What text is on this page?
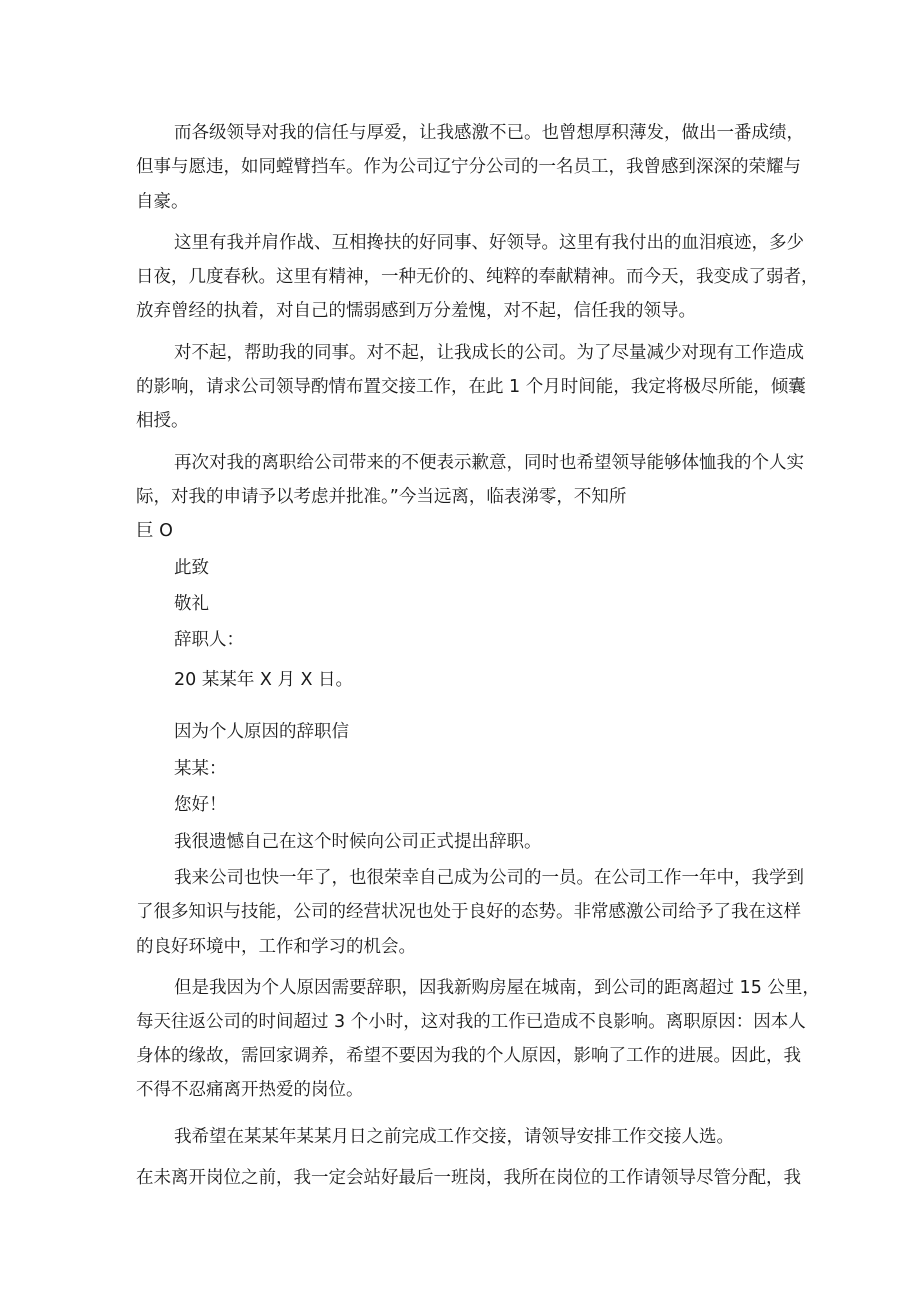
而各级领导对我的信任与厚爱，让我感激不已。也曾想厚积薄发，做出一番成绩，

但事与愿违，如同螳臂挡车。作为公司辽宁分公司的一名员工，我曾感到深深的荣耀与

自豪。

这里有我并肩作战、互相搀扶的好同事、好领导。这里有我付出的血泪痕迹，多少

日夜，几度春秋。这里有精神，一种无价的、纯粹的奉献精神。而今天，我变成了弱者，

放弃曾经的执着，对自己的懦弱感到万分羞愧，对不起，信任我的领导。

对不起，帮助我的同事。对不起，让我成长的公司。为了尽量减少对现有工作造成

的影响，请求公司领导酌情布置交接工作，在此 1 个月时间能，我定将极尽所能，倾囊

相授。

再次对我的离职给公司带来的不便表示歉意，同时也希望领导能够体恤我的个人实

际，对我的申请予以考虑并批准。”今当远离，临表涕零，不知所

巨 O

此致

敬礼

辞职人：

20 某某年 X 月 X 日。

因为个人原因的辞职信

某某：

您好！

我很遗憾自己在这个时候向公司正式提出辞职。

我来公司也快一年了，也很荣幸自己成为公司的一员。在公司工作一年中，我学到

了很多知识与技能，公司的经营状况也处于良好的态势。非常感激公司给予了我在这样

的良好环境中，工作和学习的机会。

但是我因为个人原因需要辞职，因我新购房屋在城南，到公司的距离超过 15 公里，

每天往返公司的时间超过 3 个小时，这对我的工作已造成不良影响。离职原因：因本人

身体的缘故，需回家调养，希望不要因为我的个人原因，影响了工作的进展。因此，我

不得不忍痛离开热爱的岗位。

我希望在某某年某某月日之前完成工作交接，请领导安排工作交接人选。

在未离开岗位之前，我一定会站好最后一班岗，我所在岗位的工作请领导尽管分配，我
